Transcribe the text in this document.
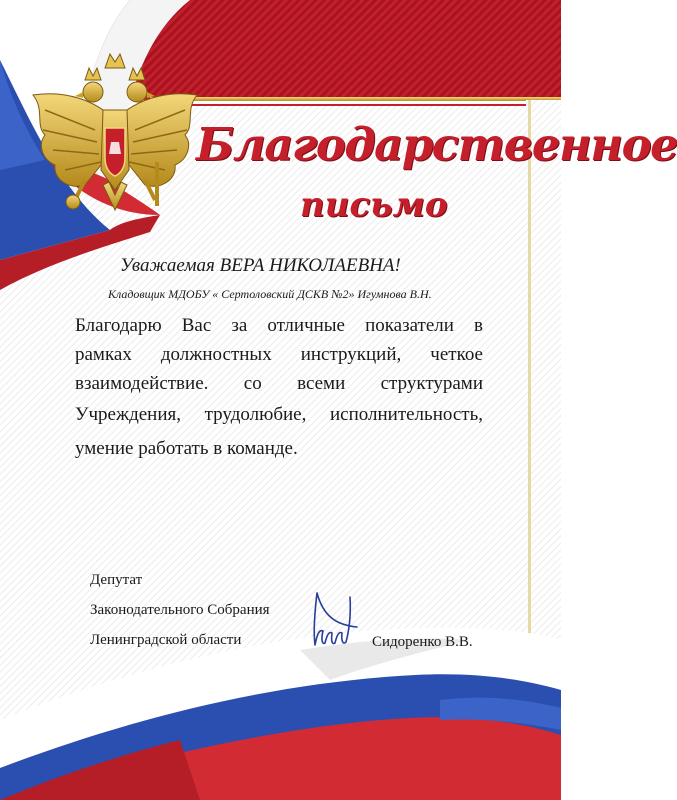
Благодарственное
письмо
Уважаемая ВЕРА НИКОЛАЕВНА!
Кладовщик МДОБУ « Сертоловский ДСКВ №2» Игумнова В.Н.
Благодарю Вас за отличные показатели в
рамках должностных инструкций, четкое
взаимодействие. со всеми структурами
Учреждения, трудолюбие, исполнительность,
умение работать в команде.
Депутат
Законодательного Собрания
Ленинградской области	Сидоренко В.В.
